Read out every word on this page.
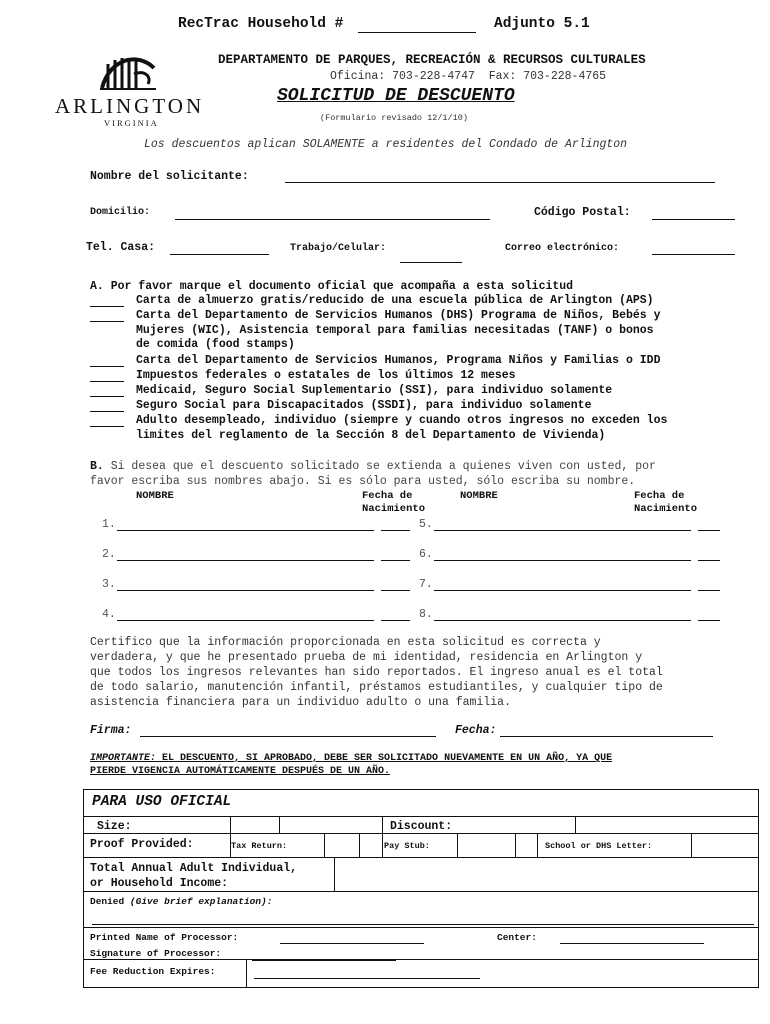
RecTrac Household #	Adjunto 5.1
ARLINGTON
VIRGINIA
DEPARTAMENTO DE PARQUES, RECREACIÓN & RECURSOS CULTURALES
Oficina: 703-228-4747  Fax: 703-228-4765
SOLICITUD DE DESCUENTO
(Formulario revisado 12/1/10)
Los descuentos aplican SOLAMENTE a residentes del Condado de Arlington
Nombre del solicitante:
Domicilio:	Código Postal:
Tel. Casa:	Trabajo/Celular:	Correo electrónico:
A. Por favor marque el documento oficial que acompaña a esta solicitud
Carta de almuerzo gratis/reducido de una escuela pública de Arlington (APS)
Carta del Departamento de Servicios Humanos (DHS) Programa de Niños, Bebés y
Mujeres (WIC), Asistencia temporal para familias necesitadas (TANF) o bonos
de comida (food stamps)
Carta del Departamento de Servicios Humanos, Programa Niños y Familias o IDD
Impuestos federales o estatales de los últimos 12 meses
Medicaid, Seguro Social Suplementario (SSI), para individuo solamente
Seguro Social para Discapacitados (SSDI), para individuo solamente
Adulto desempleado, individuo (siempre y cuando otros ingresos no exceden los
limites del reglamento de la Sección 8 del Departamento de Vivienda)
B. Si desea que el descuento solicitado se extienda a quienes viven con usted, por
favor escriba sus nombres abajo. Si es sólo para usted, sólo escriba su nombre.
NOMBRE	Fecha de
Nacimiento
NOMBRE	Fecha de
Nacimiento
1.	5.
2.	6.
3.	7.
4.	8.
Certifico que la información proporcionada en esta solicitud es correcta y
verdadera, y que he presentado prueba de mi identidad, residencia en Arlington y
que todos los ingresos relevantes han sido reportados. El ingreso anual es el total
de todo salario, manutención infantil, préstamos estudiantiles, y cualquier tipo de
asistencia financiera para un individuo adulto o una familia.
Firma:	Fecha:
IMPORTANTE: EL DESCUENTO, SI APROBADO, DEBE SER SOLICITADO NUEVAMENTE EN UN AÑO, YA QUE
PIERDE VIGENCIA AUTOMÁTICAMENTE DESPUÉS DE UN AÑO.
PARA USO OFICIAL
Size:	Discount:
Proof Provided:	Tax Return:	Pay Stub:	School or DHS Letter:
Total Annual Adult Individual,
or Household Income:
Denied (Give brief explanation):
Printed Name of Processor:	Center:
Signature of Processor:
Fee Reduction Expires:
